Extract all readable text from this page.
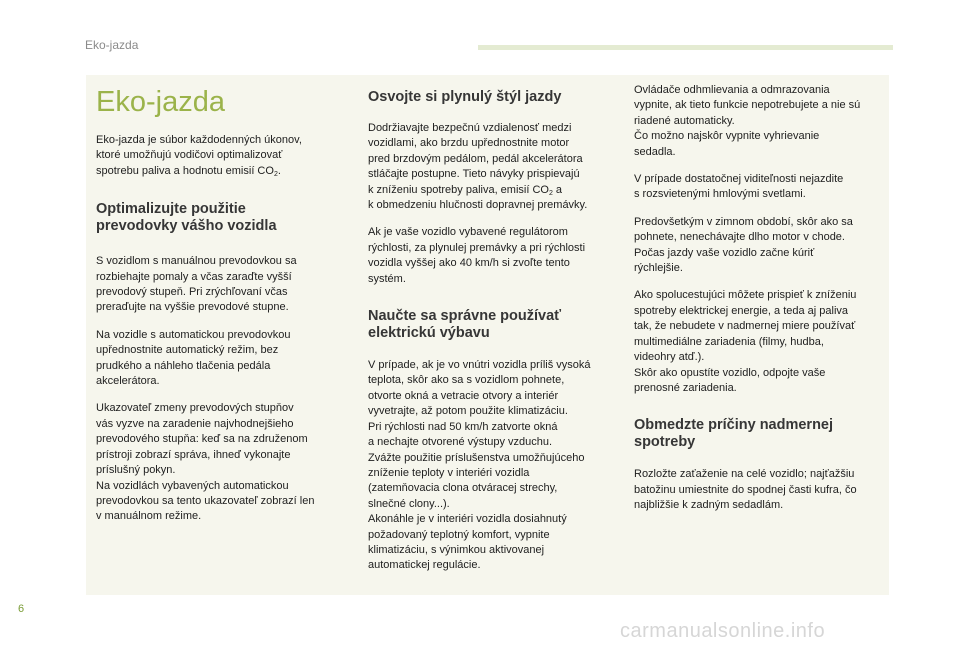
Eko-jazda
Eko-jazda

Eko-jazda je súbor každodenných úkonov,
ktoré umožňujú vodičovi optimalizovať
spotrebu paliva a hodnotu emisií $CO_2$.

Optimalizujte použitie
prevodovky vášho vozidla

S vozidlom s manuálnou prevodovkou sa
rozbiehajte pomaly a včas zaraďte vyšší
prevodový stupeň. Pri zrýchľovaní včas
preraďujte na vyššie prevodové stupne.

Na vozidle s automatickou prevodovkou
upřednostnite automatický režim, bez
prudkého a náhleho tlačenia pedála
akcelerátora.

Ukazovateľ zmeny prevodových stupňov
vás vyzve na zaradenie najvhodnejšieho
prevodového stupňa: keď sa na združenom
prístroji zobrazí správa, ihneď vykonajte
príslušný pokyn.
Na vozidlách vybavených automatickou
prevodovkou sa tento ukazovateľ zobrazí len
v manuálnom režime.

Osvojte si plynulý štýl jazdy

Dodržiavajte bezpečnú vzdialenosť medzi
vozidlami, ako brzdu upřednostnite motor
pred brzdovým pedálom, pedál akcelerátora
stláčajte postupne. Tieto návyky prispievajú
k zníženiu spotreby paliva, emisií $CO_2$ a
k obmedzeniu hlučnosti dopravnej premávky.

Ak je vaše vozidlo vybavené regulátorom
rýchlosti, za plynulej premávky a pri rýchlosti
vozidla vyššej ako 40 km/h si zvoľte tento
systém.

Naučte sa správne používať
elektrickú výbavu

V prípade, ak je vo vnútri vozidla príliš vysoká
teplota, skôr ako sa s vozidlom pohnete,
otvorte okná a vetracie otvory a interiér
vyvetrajte, až potom použite klimatizáciu.
Pri rýchlosti nad 50 km/h zatvorte okná
a nechajte otvorené výstupy vzduchu.
Zvážte použitie príslušenstva umožňujúceho
zníženie teploty v interiéri vozidla
(zatemňovacia clona otváracej strechy,
slnečné clony...).
Akonáhle je v interiéri vozidla dosiahnutý
požadovaný teplotný komfort, vypnite
klimatizáciu, s výnimkou aktivovanej
automatickej regulácie.

Ovládače odhmlievania a odmrazovania
vypnite, ak tieto funkcie nepotrebujete a nie sú
riadené automaticky.
Čo možno najskôr vypnite vyhrievanie
sedadla.

V prípade dostatočnej viditeľnosti nejazdite
s rozsvietenými hmlovými svetlami.

Predovšetkým v zimnom období, skôr ako sa
pohnete, nenechávajte dlho motor v chode.
Počas jazdy vaše vozidlo začne kúriť
rýchlejšie.

Ako spolucestujúci môžete prispieť k zníženiu
spotreby elektrickej energie, a teda aj paliva
tak, že nebudete v nadmernej miere používať
multimediálne zariadenia (filmy, hudba,
videohry atď.).
Skôr ako opustíte vozidlo, odpojte vaše
prenosné zariadenia.

Obmedzte príčiny nadmernej
spotreby

Rozložte zaťaženie na celé vozidlo; najťažšiu
batožinu umiestnite do spodnej časti kufra, čo
najbližšie k zadným sedadlám.

6
carmanualsonline.info
